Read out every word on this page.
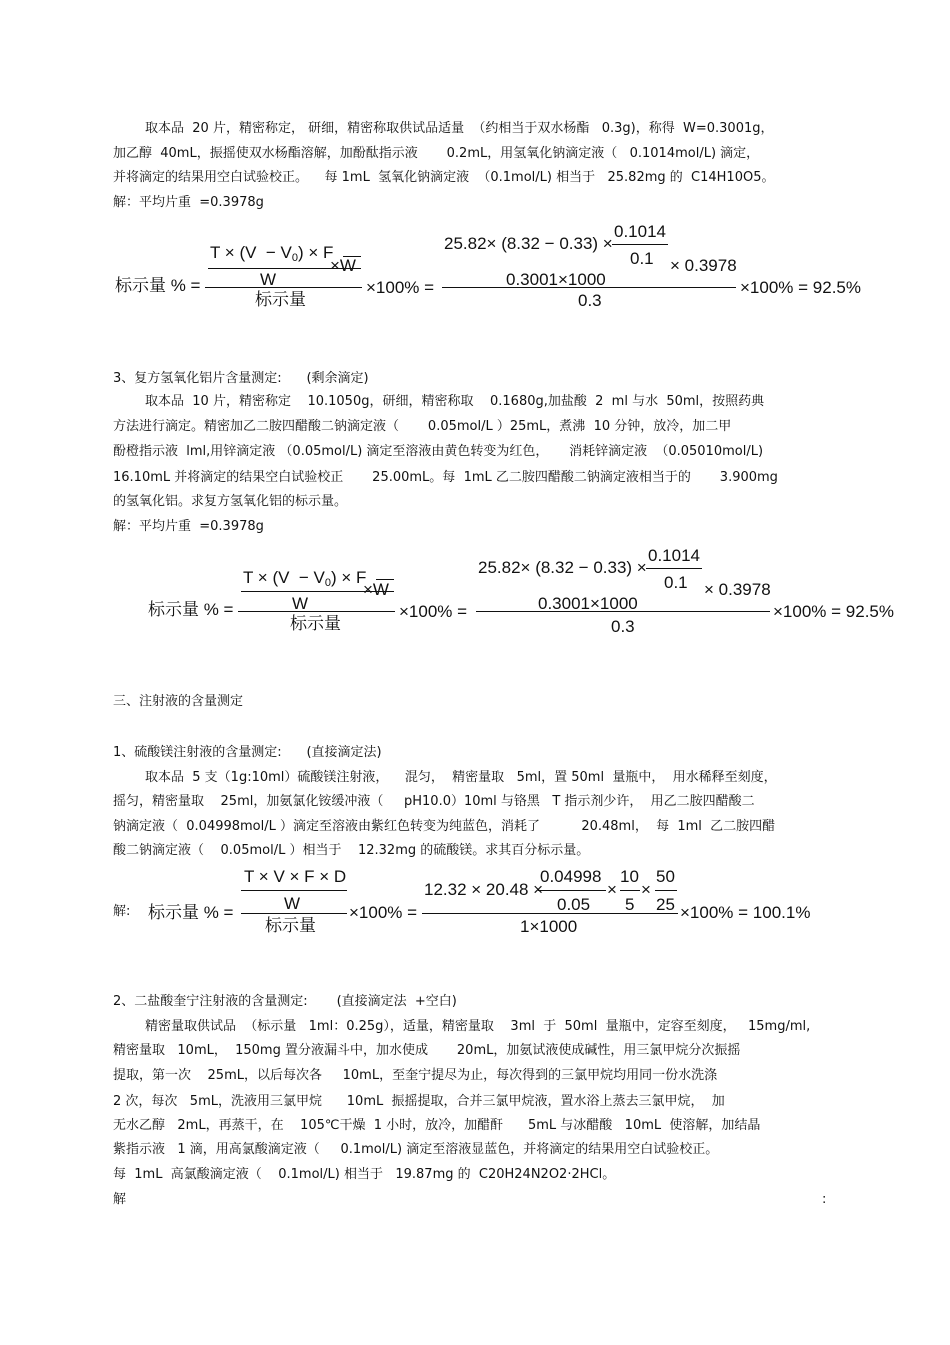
取本品  20 片，精密称定， 研细，精密称取供试品适量  （约相当于双水杨酯   0.3g)，称得  W=0.3001g，
加乙醇  40mL，振摇使双水杨酯溶解，加酚酞指示液       0.2mL，用氢氧化钠滴定液（   0.1014mol/L) 滴定，
并将滴定的结果用空白试验校正。    每 1mL  氢氧化钠滴定液  （0.1mol/L) 相当于   25.82mg 的  C14H10O5。
解：平均片重  =0.3978g
标示量 % =
$T \times (V - V_0) \times F$
×W
W
标示量
×100% =
25.82× (8.32 − 0.33) ×
0.1014
0.1 × 0.3978
0.3001×1000
0.3
×100% = 92.5%
3、复方氢氧化铝片含量测定:      (剩余滴定)
取本品  10 片，精密称定    10.1050g，研细，精密称取    0.1680g,加盐酸  2  ml 与水  50ml，按照药典
方法进行滴定。精密加乙二胺四醋酸二钠滴定液（       0.05mol/L ）25mL，煮沸  10 分钟，放冷，加二甲
酚橙指示液  lml,用锌滴定液 （0.05mol/L) 滴定至溶液由黄色转变为红色，     消耗锌滴定液  （0.05010mol/L)
16.10mL 并将滴定的结果空白试验校正       25.00mL。每  1mL 乙二胺四醋酸二钠滴定液相当于的       3.900mg
的氢氧化铝。求复方氢氧化铝的标示量。
解：平均片重  =0.3978g
标示量 % =
$T \times (V - V_0) \times F$
×W
W
标示量
×100% =
25.82× (8.32 − 0.33) ×
0.1014
0.1 × 0.3978
0.3001×1000
0.3
×100% = 92.5%
三、注射液的含量测定
1、硫酸镁注射液的含量测定:      (直接滴定法)
取本品  5 支（1g:10ml）硫酸镁注射液，    混匀，  精密量取   5ml，置 50ml  量瓶中，  用水稀释至刻度，
摇匀，精密量取    25ml，加氨氯化铵缓冲液（     pH10.0）10ml 与铬黑   T 指示剂少许，  用乙二胺四醋酸二
钠滴定液（  0.04998mol/L ）滴定至溶液由紫红色转变为纯蓝色，消耗了          20.48ml，  每  1ml  乙二胺四醋
酸二钠滴定液（    0.05mol/L ）相当于    12.32mg 的硫酸镁。求其百分标示量。
解: 标示量 % =
T × V × F × D
W
标示量
×100% =
12.32 × 20.48 ×
0.04998
0.05
×
10
5
×
50
25
1×1000
×100% = 100.1%
2、二盐酸奎宁注射液的含量测定:       (直接滴定法  +空白)
精密量取供试品  （标示量   1ml：0.25g），适量，精密量取    3ml  于  50ml  量瓶中，定容至刻度，   15mg/ml,
精密量取   10mL，  150mg 置分液漏斗中，加水使成       20mL，加氨试液使成碱性，用三氯甲烷分次振摇
提取，第一次    25mL，以后每次各     10mL，至奎宁提尽为止，每次得到的三氯甲烷均用同一份水洗涤
2 次，每次   5mL，洗液用三氯甲烷      10mL  振摇提取，合并三氯甲烷液，置水浴上蒸去三氯甲烷，  加
无水乙醇   2mL，再蒸干，在    105℃干燥  1 小时，放冷，加醋酐      5mL 与冰醋酸   10mL  使溶解，加结晶
紫指示液   1 滴，用高氯酸滴定液（     0.1mol/L) 滴定至溶液显蓝色，并将滴定的结果用空白试验校正。
每  1mL  高氯酸滴定液（    0.1mol/L) 相当于   19.87mg 的  C20H24N2O2·2HCl。
解	:
